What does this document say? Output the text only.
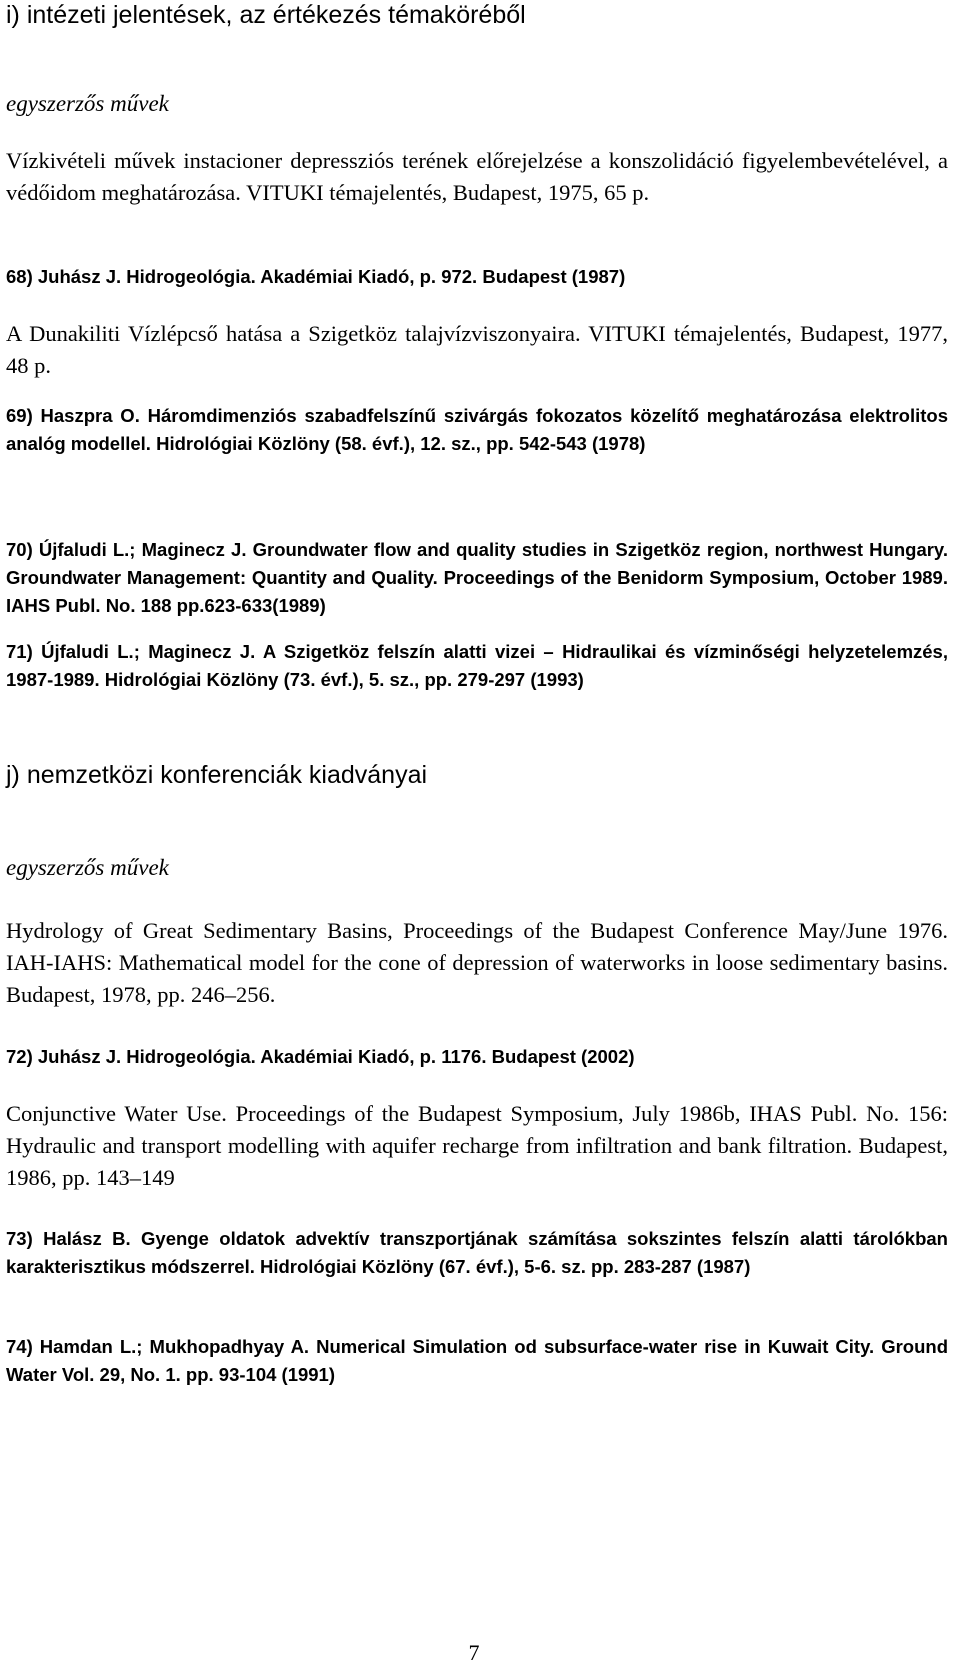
i) intézeti jelentések, az értékezés témaköréből

egyszerzős művek

Vízkivételi művek instacioner depressziós terének előrejelzése a konszolidáció figyelembevételével, a védőidom meghatározása. VITUKI témajelentés, Budapest, 1975, 65 p.

68) Juhász J. Hidrogeológia. Akadémiai Kiadó, p. 972. Budapest (1987)

A Dunakiliti Vízlépcső hatása a Szigetköz talajvízviszonyaira. VITUKI témajelentés, Budapest, 1977, 48 p.

69) Haszpra O. Háromdimenziós szabadfelszínű szivárgás fokozatos közelítő meghatározása elektrolitos analóg modellel. Hidrológiai Közlöny (58. évf.), 12. sz., pp. 542-543 (1978)

70) Újfaludi L.; Maginecz J. Groundwater flow and quality studies in Szigetköz region, northwest Hungary. Groundwater Management: Quantity and Quality. Proceedings of the Benidorm Symposium, October 1989. IAHS Publ. No. 188 pp.623-633(1989)

71) Újfaludi L.; Maginecz J. A Szigetköz felszín alatti vizei – Hidraulikai és vízminőségi helyzetelemzés, 1987-1989. Hidrológiai Közlöny (73. évf.), 5. sz., pp. 279-297 (1993)

j) nemzetközi konferenciák kiadványai

egyszerzős művek

Hydrology of Great Sedimentary Basins, Proceedings of the Budapest Conference May/June 1976. IAH-IAHS: Mathematical model for the cone of depression of waterworks in loose sedimentary basins. Budapest, 1978, pp. 246–256.

72) Juhász J. Hidrogeológia. Akadémiai Kiadó, p. 1176. Budapest (2002)

Conjunctive Water Use. Proceedings of the Budapest Symposium, July 1986b, IHAS Publ. No. 156: Hydraulic and transport modelling with aquifer recharge from infiltration and bank filtration. Budapest, 1986, pp. 143–149

73) Halász B. Gyenge oldatok advektív transzportjának számítása sokszintes felszín alatti tárolókban karakterisztikus módszerrel. Hidrológiai Közlöny (67. évf.), 5-6. sz. pp. 283-287 (1987)

74) Hamdan L.; Mukhopadhyay A. Numerical Simulation od subsurface-water rise in Kuwait City. Ground Water Vol. 29, No. 1. pp. 93-104 (1991)

7
